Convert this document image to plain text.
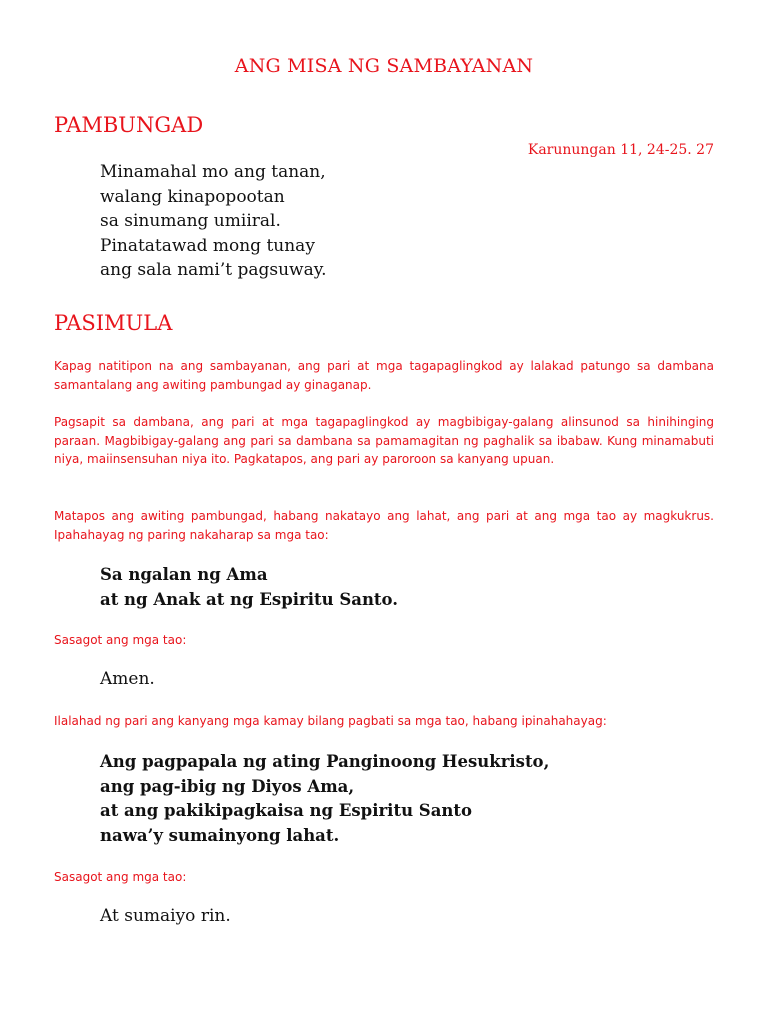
ANG MISA NG SAMBAYANAN
PAMBUNGAD
Karunungan 11, 24-25. 27
Minamahal mo ang tanan,
walang kinapopootan
sa sinumang umiiral.
Pinatatawad mong tunay
ang sala nami’t pagsuway.
PASIMULA

Kapag natitipon na ang sambayanan, ang pari at mga tagapaglingkod ay lalakad patungo sa dambana samantalang ang awiting pambungad ay ginaganap.

Pagsapit sa dambana, ang pari at mga tagapaglingkod ay magbibigay-galang alinsunod sa hinihinging paraan. Magbibigay-galang ang pari sa dambana sa pamamagitan ng paghalik sa ibabaw. Kung minamabuti niya, maiinsensuhan niya ito. Pagkatapos, ang pari ay paroroon sa kanyang upuan.

Matapos ang awiting pambungad, habang nakatayo ang lahat, ang pari at ang mga tao ay magkukrus. Ipahahayag ng paring nakaharap sa mga tao:

Sa ngalan ng Ama
at ng Anak at ng Espiritu Santo.

Sasagot ang mga tao:

Amen.

Ilalahad ng pari ang kanyang mga kamay bilang pagbati sa mga tao, habang ipinahahayag:

Ang pagpapala ng ating Panginoong Hesukristo,
ang pag-ibig ng Diyos Ama,
at ang pakikipagkaisa ng Espiritu Santo
nawa’y sumainyong lahat.

Sasagot ang mga tao:

At sumaiyo rin.
